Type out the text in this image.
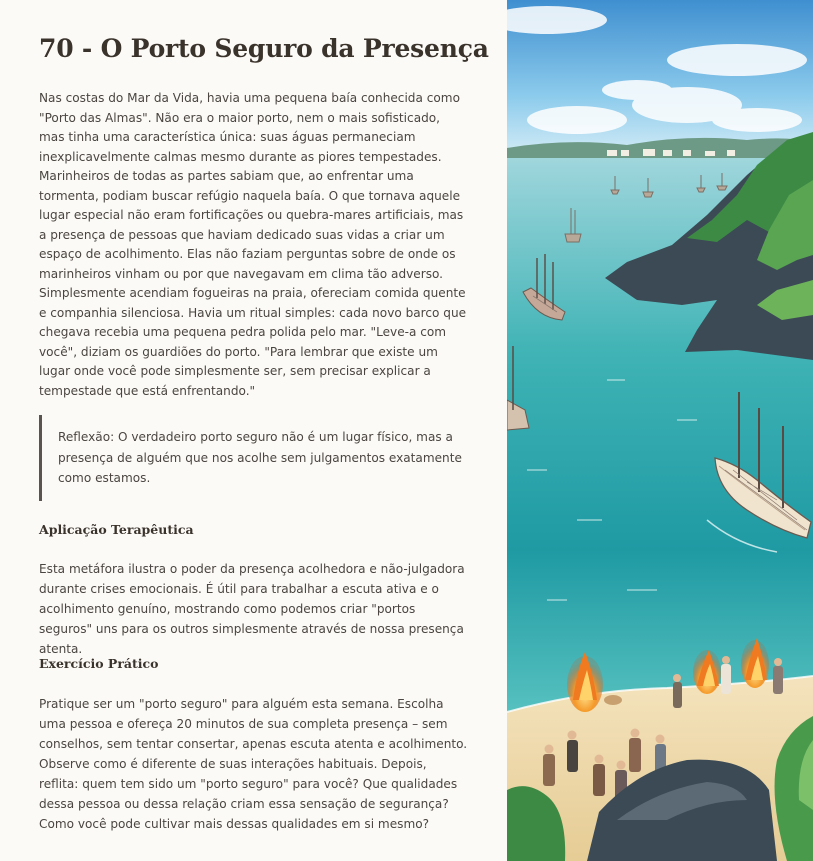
70 - O Porto Seguro da Presença

Nas costas do Mar da Vida, havia uma pequena baía conhecida como "Porto das Almas". Não era o maior porto, nem o mais sofisticado, mas tinha uma característica única: suas águas permaneciam inexplicavelmente calmas mesmo durante as piores tempestades. Marinheiros de todas as partes sabiam que, ao enfrentar uma tormenta, podiam buscar refúgio naquela baía. O que tornava aquele lugar especial não eram fortificações ou quebra-mares artificiais, mas a presença de pessoas que haviam dedicado suas vidas a criar um espaço de acolhimento. Elas não faziam perguntas sobre de onde os marinheiros vinham ou por que navegavam em clima tão adverso. Simplesmente acendiam fogueiras na praia, ofereciam comida quente e companhia silenciosa. Havia um ritual simples: cada novo barco que chegava recebia uma pequena pedra polida pelo mar. "Leve-a com você", diziam os guardiões do porto. "Para lembrar que existe um lugar onde você pode simplesmente ser, sem precisar explicar a tempestade que está enfrentando."

Reflexão: O verdadeiro porto seguro não é um lugar físico, mas a presença de alguém que nos acolhe sem julgamentos exatamente como estamos.

Aplicação Terapêutica

Esta metáfora ilustra o poder da presença acolhedora e não-julgadora durante crises emocionais. É útil para trabalhar a escuta ativa e o acolhimento genuíno, mostrando como podemos criar "portos seguros" uns para os outros simplesmente através de nossa presença atenta.

Exercício Prático

Pratique ser um "porto seguro" para alguém esta semana. Escolha uma pessoa e ofereça 20 minutos de sua completa presença – sem conselhos, sem tentar consertar, apenas escuta atenta e acolhimento. Observe como é diferente de suas interações habituais. Depois, reflita: quem tem sido um "porto seguro" para você? Que qualidades dessa pessoa ou dessa relação criam essa sensação de segurança? Como você pode cultivar mais dessas qualidades em si mesmo?
